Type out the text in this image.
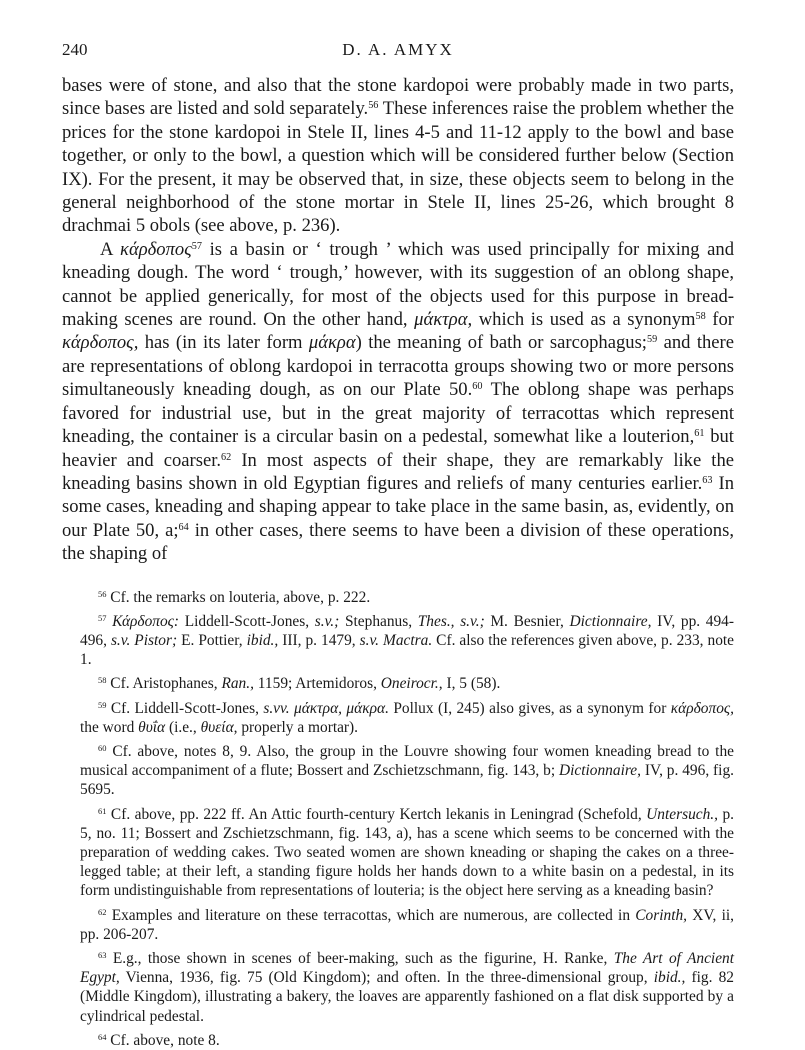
240	D. A. AMYX

bases were of stone, and also that the stone kardopoi were probably made in two parts, since bases are listed and sold separately.$^{56}$ These inferences raise the problem whether the prices for the stone kardopoi in Stele II, lines 4-5 and 11-12 apply to the bowl and base together, or only to the bowl, a question which will be considered further below (Section IX). For the present, it may be observed that, in size, these objects seem to belong in the general neighborhood of the stone mortar in Stele II, lines 25-26, which brought 8 drachmai 5 obols (see above, p. 236).

A κάρδοπος$^{57}$ is a basin or ‘ trough ’ which was used principally for mixing and kneading dough. The word ‘ trough,’ however, with its suggestion of an oblong shape, cannot be applied generically, for most of the objects used for this purpose in bread-making scenes are round. On the other hand, μάκτρα, which is used as a synonym$^{58}$ for κάρδοπος, has (in its later form μάκρα) the meaning of bath or sarcophagus;$^{59}$ and there are representations of oblong kardopoi in terracotta groups showing two or more persons simultaneously kneading dough, as on our Plate 50.60 The oblong shape was perhaps favored for industrial use, but in the great majority of terracottas which represent kneading, the container is a circular basin on a pedestal, somewhat like a louterion,$^{61}$ but heavier and coarser.$^{62}$ In most aspects of their shape, they are remarkably like the kneading basins shown in old Egyptian figures and reliefs of many centuries earlier.$^{63}$ In some cases, kneading and shaping appear to take place in the same basin, as, evidently, on our Plate 50, a;$^{64}$ in other cases, there seems to have been a division of these operations, the shaping of

$^{56}$ Cf. the remarks on louteria, above, p. 222.

$^{57}$ Κάρδοπος: Liddell-Scott-Jones, s.v.; Stephanus, Thes., s.v.; M. Besnier, Dictionnaire, IV, pp. 494-496, s.v. Pistor; E. Pottier, ibid., III, p. 1479, s.v. Mactra. Cf. also the references given above, p. 233, note 1.

$^{58}$ Cf. Aristophanes, Ran., 1159; Artemidoros, Oneirocr., I, 5 (58).

$^{59}$ Cf. Liddell-Scott-Jones, s.vv. μάκτρα, μάκρα. Pollux (I, 245) also gives, as a synonym for κάρδοπος, the word θυΐα (i.e., θυεία, properly a mortar).

$^{60}$ Cf. above, notes 8, 9. Also, the group in the Louvre showing four women kneading bread to the musical accompaniment of a flute; Bossert and Zschietzschmann, fig. 143, b; Dictionnaire, IV, p. 496, fig. 5695.

$^{61}$ Cf. above, pp. 222 ff. An Attic fourth-century Kertch lekanis in Leningrad (Schefold, Untersuch., p. 5, no. 11; Bossert and Zschietzschmann, fig. 143, a), has a scene which seems to be concerned with the preparation of wedding cakes. Two seated women are shown kneading or shaping the cakes on a three-legged table; at their left, a standing figure holds her hands down to a white basin on a pedestal, in its form undistinguishable from representations of louteria; is the object here serving as a kneading basin?

$^{62}$ Examples and literature on these terracottas, which are numerous, are collected in Corinth, XV, ii, pp. 206-207.

$^{63}$ E.g., those shown in scenes of beer-making, such as the figurine, H. Ranke, The Art of Ancient Egypt, Vienna, 1936, fig. 75 (Old Kingdom); and often. In the three-dimensional group, ibid., fig. 82 (Middle Kingdom), illustrating a bakery, the loaves are apparently fashioned on a flat disk supported by a cylindrical pedestal.

$^{64}$ Cf. above, note 8.
